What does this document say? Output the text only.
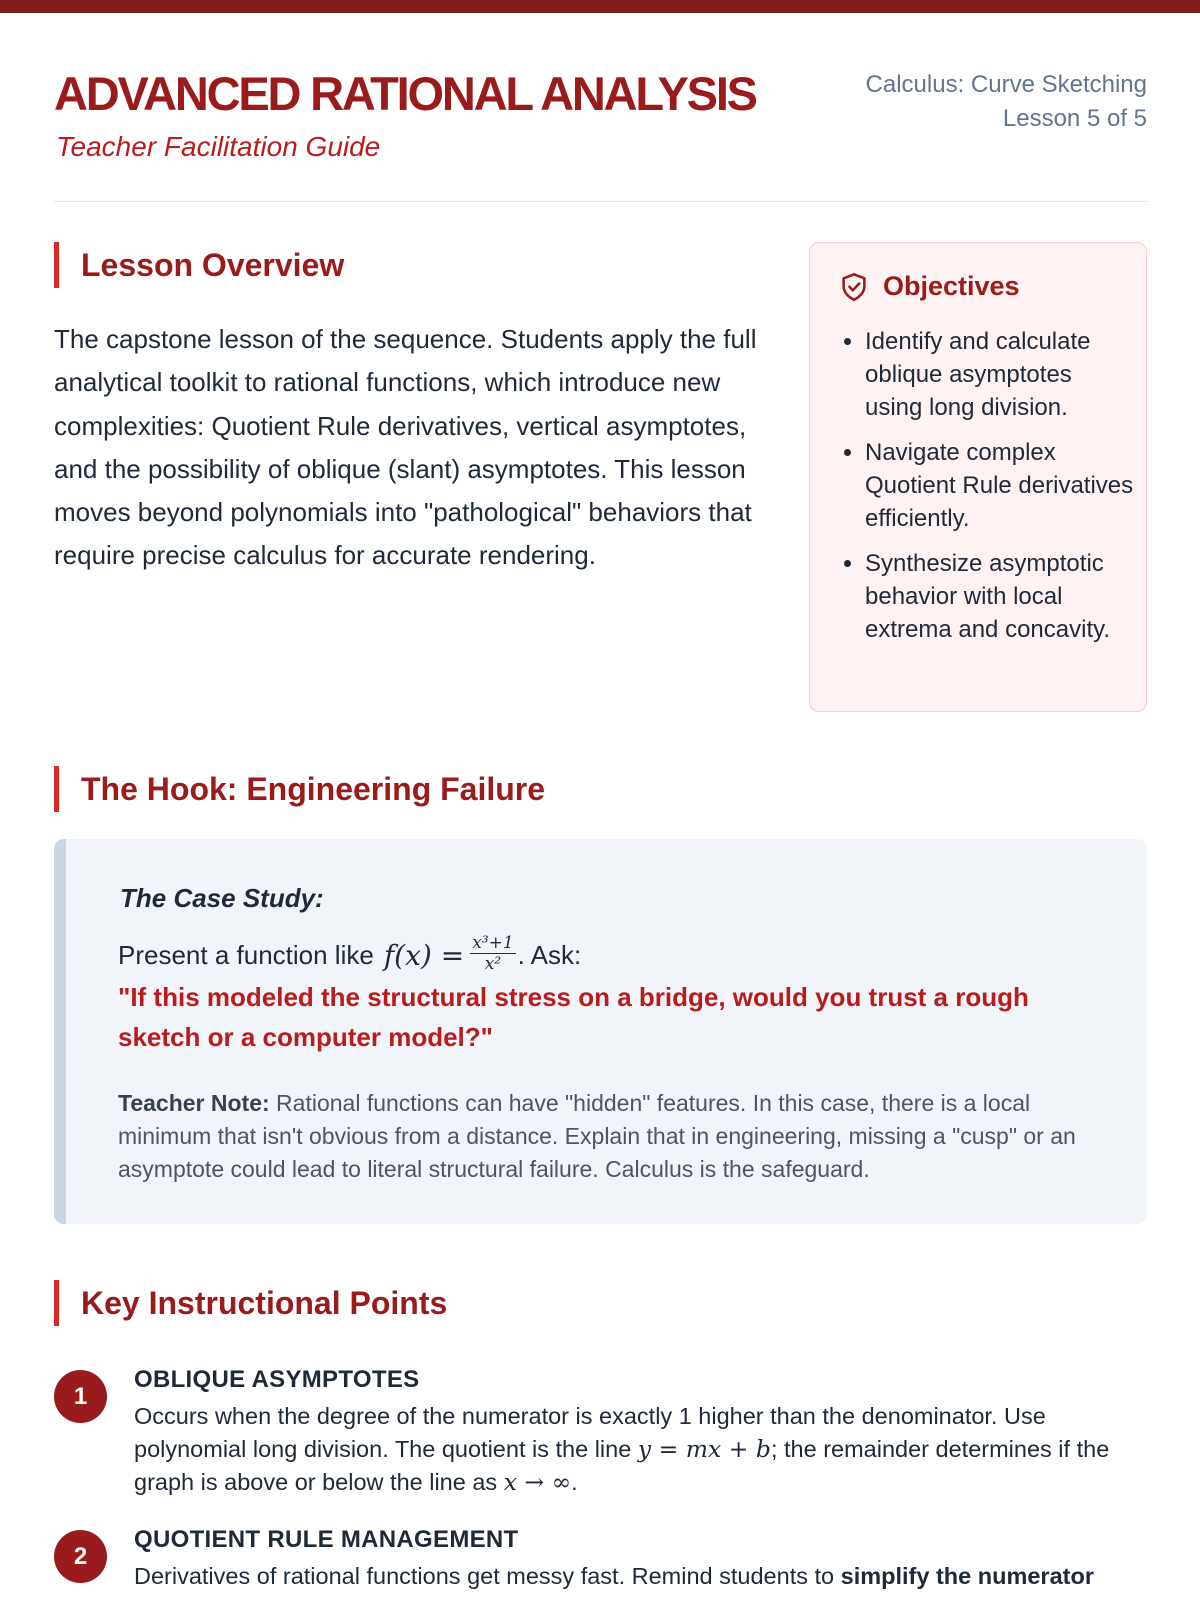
ADVANCED RATIONAL ANALYSIS
Teacher Facilitation Guide
Calculus: Curve Sketching
Lesson 5 of 5
Lesson Overview

The capstone lesson of the sequence. Students apply the full analytical toolkit to rational functions, which introduce new complexities: Quotient Rule derivatives, vertical asymptotes, and the possibility of oblique (slant) asymptotes. This lesson moves beyond polynomials into "pathological" behaviors that require precise calculus for accurate rendering.

Objectives
• Identify and calculate oblique asymptotes using long division.
• Navigate complex Quotient Rule derivatives efficiently.
• Synthesize asymptotic behavior with local extrema and concavity.
The Hook: Engineering Failure
The Case Study:
Present a function like $f(x) = \frac{\text{x³+1}}{\text{x²}}$ . Ask:
"If this modeled the structural stress on a bridge, would you trust a rough sketch or a computer model?"

Teacher Note: Rational functions can have "hidden" features. In this case, there is a local minimum that isn't obvious from a distance. Explain that in engineering, missing a "cusp" or an asymptote could lead to literal structural failure. Calculus is the safeguard.

Key Instructional Points
1
OBLIQUE ASYMPTOTES

Occurs when the degree of the numerator is exactly 1 higher than the denominator. Use polynomial long division. The quotient is the line y = mx + b; the remainder determines if the graph is above or below the line as x → ∞.

2
QUOTIENT RULE MANAGEMENT

Derivatives of rational functions get messy fast. Remind students to simplify the numerator
